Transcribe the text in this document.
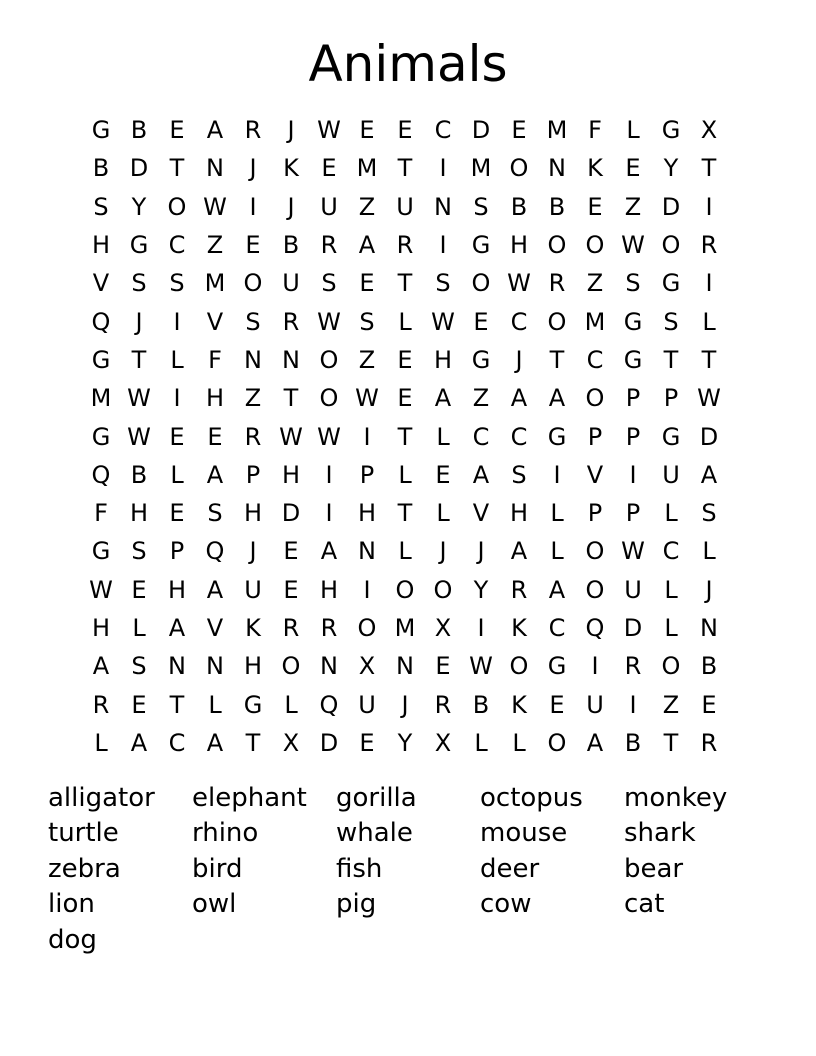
Animals
G B E A R	J W E E C D E M F	L G X
B D T N	J	K E M T	I	M O N K E Y T
S Y O W I	J	U Z U N S B B E Z D	I
H G C Z E B R A R	I	G H O O W O R
V S S M O U S E T S O W R Z S G	I
Q	J	I	V S R W S L W E C O M G S L
G T L	F N N O Z E H G	J	T C G T T
M W I	H Z T O W E A Z A A O P P W
G W E E R W W I	T L C C G P P G D
Q B L A P H	I	P	L E A S	I	V	I	U A
F H E S H D	I	H T L V H L	P P	L S
G S P Q	J	E A N L	J	J	A L O W C L
W E H A U E H	I	O O Y R A O U L	J
H L A V K R R O M X	I	K C Q D L N
A S N N H O N X N E W O G	I	R O B
R E T L G L Q U	J	R B K E U	I	Z E
L A C A T X D E Y X L	L O A B T R
alligator	elephant	gorilla	octopus	monkey
turtle	rhino	whale	mouse	shark
zebra	bird	fish	deer	bear
lion	owl	pig	cow	cat
dog
